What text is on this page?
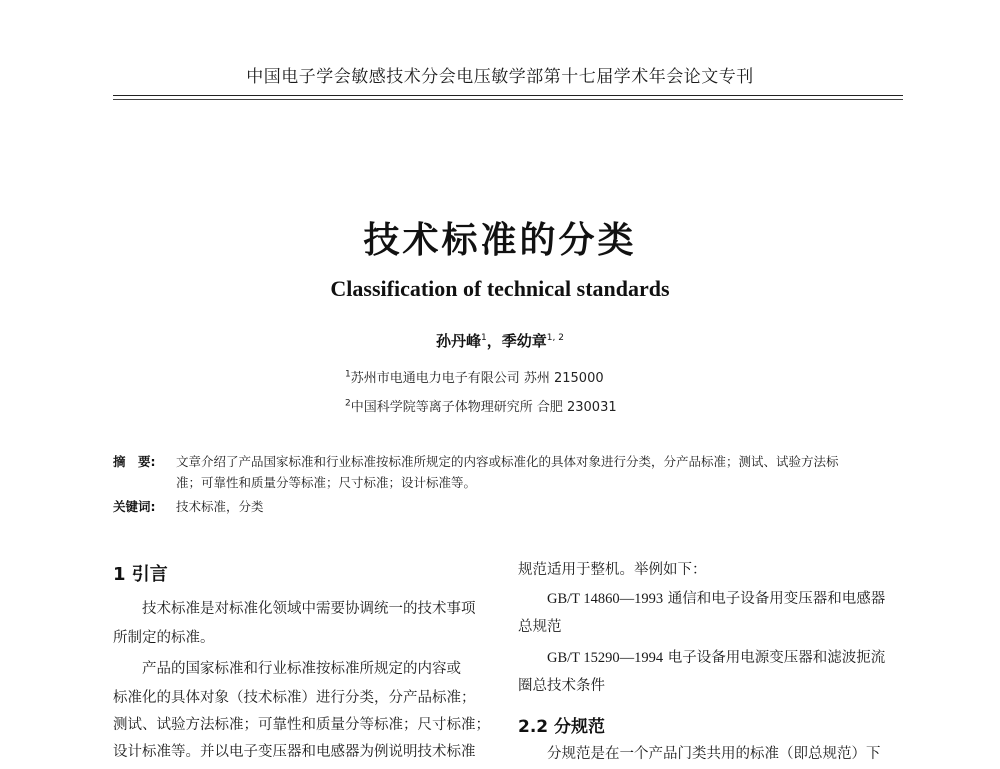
中国电子学会敏感技术分会电压敏学部第十七届学术年会论文专刊
技术标准的分类
Classification of technical standards
孙丹峰$^1$，季幼章$^{1, 2}$
$^1$苏州市电通电力电子有限公司 苏州 215000
$^2$中国科学院等离子体物理研究所 合肥 230031
摘　要: 文章介绍了产品国家标准和行业标准按标准所规定的内容或标准化的具体对象进行分类，分产品标准；测试、试验方法标
准；可靠性和质量分等标准；尺寸标准；设计标准等。
关键词: 技术标准，分类
1 引言
技术标准是对标准化领域中需要协调统一的技术事项
所制定的标准。
产品的国家标准和行业标准按标准所规定的内容或
标准化的具体对象（技术标准）进行分类，分产品标准；
测试、试验方法标准；可靠性和质量分等标准；尺寸标准；
设计标准等。并以电子变压器和电感器为例说明技术标准
规范适用于整机。举例如下：
GB/T 14860—1993 通信和电子设备用变压器和电感器
总规范
GB/T 15290—1994 电子设备用电源变压器和滤波扼流
圈总技术条件
2.2 分规范
分规范是在一个产品门类共用的标准（即总规范）下
